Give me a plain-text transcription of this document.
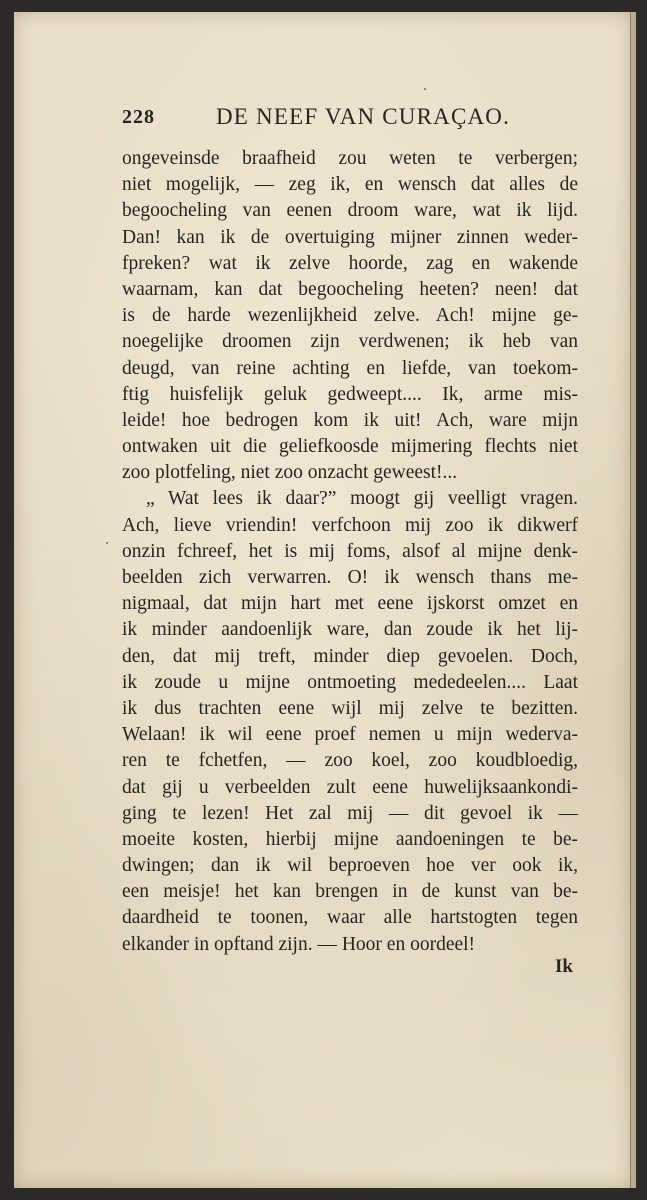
228	DE NEEF VAN CURAÇAO.
ongeveinsde braafheid zou weten te verbergen;
niet mogelijk, — zeg ik, en wensch dat alles de
begoocheling van eenen droom ware, wat ik lijd.
Dan! kan ik de overtuiging mijner zinnen weder-
fpreken? wat ik zelve hoorde, zag en wakende
waarnam, kan dat begoocheling heeten? neen! dat
is de harde wezenlijkheid zelve. Ach! mijne ge-
noegelijke droomen zijn verdwenen; ik heb van
deugd, van reine achting en liefde, van toekom-
ftig huisfelijk geluk gedweept.... Ik, arme mis-
leide! hoe bedrogen kom ik uit! Ach, ware mijn
ontwaken uit die geliefkoosde mijmering flechts niet
zoo plotfeling, niet zoo onzacht geweest!...
„ Wat lees ik daar?” moogt gij veelligt vragen.
Ach, lieve vriendin! verfchoon mij zoo ik dikwerf
onzin fchreef, het is mij foms, alsof al mijne denk-
beelden zich verwarren. O! ik wensch thans me-
nigmaal, dat mijn hart met eene ijskorst omzet en
ik minder aandoenlijk ware, dan zoude ik het lij-
den, dat mij treft, minder diep gevoelen. Doch,
ik zoude u mijne ontmoeting mededeelen.... Laat
ik dus trachten eene wijl mij zelve te bezitten.
Welaan! ik wil eene proef nemen u mijn wederva-
ren te fchetfen, — zoo koel, zoo koudbloedig,
dat gij u verbeelden zult eene huwelijksaankondi-
ging te lezen! Het zal mij — dit gevoel ik —
moeite kosten, hierbij mijne aandoeningen te be-
dwingen; dan ik wil beproeven hoe ver ook ik,
een meisje! het kan brengen in de kunst van be-
daardheid te toonen, waar alle hartstogten tegen
elkander in opftand zijn. — Hoor en oordeel!
Ik
